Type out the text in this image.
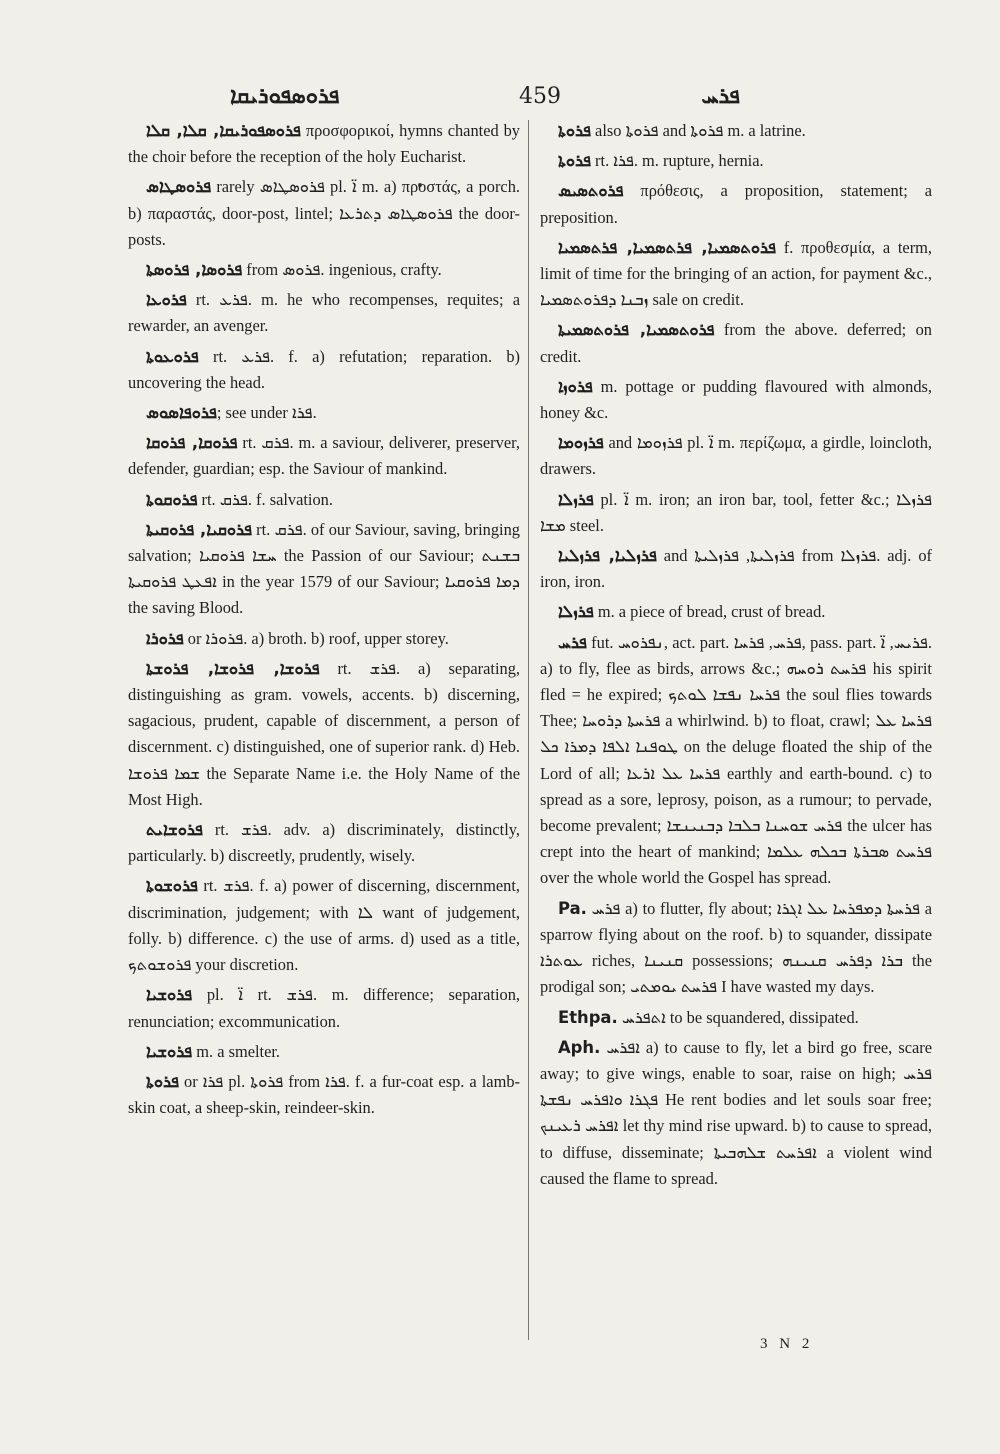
ܦܪܘܣܦܘܪܝܩܐ	459	ܦܪܚ

ܦܪܘܣܦܘܪܝܩܐ, ܩܠܐ, ܩܠܐ προσφορικοί, hymns chanted by the choir before the reception of the holy Eucharist.

ܦܪܘܣܛܐܣ rarely ܦܪܘܣܛܐܣ pl. ܐ̈ m. a) προστάς, a porch. b) παραστάς, door-post, lintel; ܦܪܘܣܛܐܣ ܕܬܪܥܐ the door-posts.

ܦܪܘܣܐ, ܦܪܘܣܬܐ from ܦܪܘܣ. ingenious, crafty.

ܦܪܘܥܐ rt. ܦܪܥ. m. he who recompenses, requites; a rewarder, an avenger.

ܦܪܘܥܘܬܐ rt. ܦܪܥ. f. a) refutation; reparation. b) uncovering the head.

ܦܪܘܦܐܣܘܣ; see under ܦܪܐ.

ܦܪܘܩܐ, ܦܪܘܩܐ rt. ܦܪܩ. m. a saviour, deliverer, preserver, defender, guardian; esp. the Saviour of mankind.

ܦܪܘܩܘܬܐ rt. ܦܪܩ. f. salvation.

ܦܪܘܩܝܐ, ܦܪܘܩܝܬܐ rt. ܦܪܩ. of our Saviour, saving, bringing salvation; ܚܫܐ ܦܪܘܩܝܐ the Passion of our Saviour; ܒܫܢܬ ܐܦܥܛ ܦܪܘܩܝܬܐ in the year 1579 of our Saviour; ܕܡܐ ܦܪܘܩܝܐ the saving Blood.

ܦܪܘܪܐ or ܦܪܘܪܐ. a) broth. b) roof, upper storey.

ܦܪܘܫܐ, ܦܪܘܫܐ, ܦܪܘܫܬܐ rt. ܦܪܫ. a) separating, distinguishing as gram. vowels, accents. b) discerning, sagacious, prudent, capable of discernment, a person of discernment. c) distinguished, one of superior rank. d) Heb. ܫܡܐ ܦܪܘܫܐ the Separate Name i.e. the Holy Name of the Most High.

ܦܪܘܫܐܝܬ rt. ܦܪܫ. adv. a) discriminately, distinctly, particularly. b) discreetly, prudently, wisely.

ܦܪܘܫܘܬܐ rt. ܦܪܫ. f. a) power of discerning, discernment, discrimination, judgement; with ܠܐ want of judgement, folly. b) difference. c) the use of arms. d) used as a title, ܦܪܘܫܘܬܟ your discretion.

ܦܪܘܫܝܐ pl. ܐ̈ rt. ܦܪܫ. m. difference; separation, renunciation; excommunication.

ܦܪܘܫܝܐ m. a smelter.

ܦܪܘܬܐ or ܦܪܐ pl. ܦܪܘܬܐ from ܦܪܐ. f. a fur-coat esp. a lamb-skin coat, a sheep-skin, reindeer-skin.

ܦܪܘܬܐ also ܦܪܘܬܐ and ܦܪܘܬܐ m. a latrine.

ܦܪܘܬܐ rt. ܦܪܐ. m. rupture, hernia.

ܦܪܘܬܣܝܣ πρόθεσις, a proposition, statement; a preposition.

ܦܪܘܬܣܡܝܐ, ܦܪܬܣܡܝܐ, ܦܪܬܣܡܝܐ f. προθεσμία, a term, limit of time for the bringing of an action, for payment &c., ܙܒܢܐ ܕܦܪܘܬܣܡܝܐ sale on credit.

ܦܪܘܬܣܡܝܐ, ܦܪܘܬܣܡܝܬܐ from the above. deferred; on credit.

ܦܪܘܙܐ m. pottage or pudding flavoured with almonds, honey &c.

ܦܪܙܘܡܐ and ܦܪܙܘܡܐ pl. ܐ̈ m. περίζωμα, a girdle, loincloth, drawers.

ܦܪܙܠܐ pl. ܐ̈ m. iron; an iron bar, tool, fetter &c.; ܦܪܙܠܐ ܡܫܐ steel.

ܦܪܙܠܝܐ, ܦܪܙܠܝܐ and ܦܪܙܠܝܬܐ, ܦܪܙܠܝܬܐ from ܦܪܙܠܐ. adj. of iron, iron.

ܦܪܙܠܐ m. a piece of bread, crust of bread.

ܦܪܚ fut. ܢܦܪܘܚ, act. part. ܦܪܚ, ܦܪܚܐ, pass. part. ܦܪܝܚ, ܐ̈. a) to fly, flee as birds, arrows &c.; ܦܪܚܬ ܪܘܚܗ his spirit fled = he expired; ܦܪܚܐ ܢܦܫܐ ܠܘܬܟ the soul flies towards Thee; ܦܪܚܬܐ ܕܪܘܚܐ a whirlwind. b) to float, crawl; ܦܪܚܐ ܥܠ ܛܘܦܢܐ ܐܠܦܐ ܕܡܪܐ ܟܠ on the deluge floated the ship of the Lord of all; ܦܪܚܐ ܥܠ ܐܪܥܐ earthly and earth-bound. c) to spread as a sore, leprosy, poison, as a rumour; to pervade, become prevalent; ܦܪܚ ܫܘܚܢܐ ܒܠܒܐ ܕܒܢܝܢܫܐ the ulcer has crept into the heart of mankind; ܦܪܚܬ ܣܒܪܬܐ ܒܟܠܗ ܥܠܡܐ over the whole world the Gospel has spread.

Pa. ܦܪܚ a) to flutter, fly about; ܦܪܚܬܐ ܕܡܦܪܚܐ ܥܠ ܐܓܪܐ a sparrow flying about on the roof. b) to squander, dissipate ܥܘܬܪܐ riches, ܩܢܝܢܐ possessions; ܒܪܐ ܕܦܪܚ ܩܢܝܢܗ the prodigal son; ܦܪܚܬ ܝܘܡܬܝ I have wasted my days.

Ethpa. ܐܬܦܪܚ to be squandered, dissipated.

Aph. ܐܦܪܚ a) to cause to fly, let a bird go free, scare away; to give wings, enable to soar, raise on high; ܦܪܚ ܦܓܪܐ ܘܐܦܪܚ ܢܦܫܬܐ He rent bodies and let souls soar free; ܐܦܪܚ ܪܥܝܢܟ let thy mind rise upward. b) to cause to spread, to diffuse, disseminate; ܐܦܪܚܬ ܫܠܗܒܝܬܐ a violent wind caused the flame to spread.

3 N 2
